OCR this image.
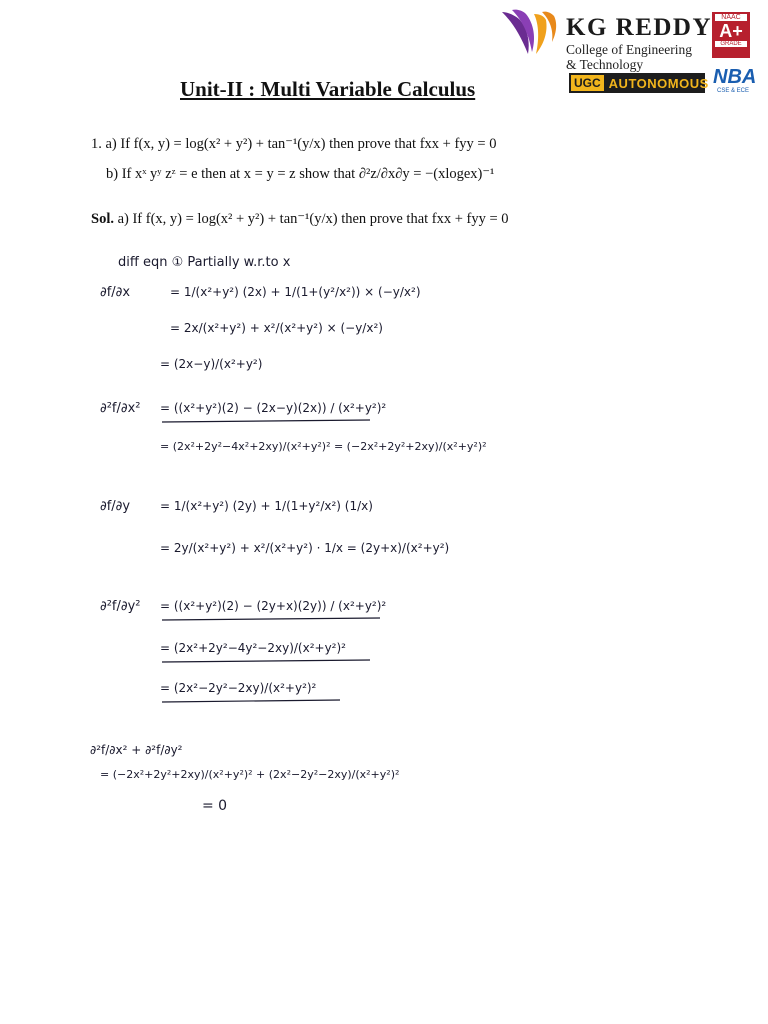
KG REDDY
College of Engineering
& Technology
NAAC
A+
GRADE
UGC AUTONOMOUS NBA
CSE & ECE
Unit-II : Multi Variable Calculus
1. a) If f(x, y) = log(x² + y²) + tan⁻¹(y/x) then prove that fxx + fyy = 0
b) If xˣ yʸ zᶻ = e then at x = y = z show that ∂²z/∂x∂y = −(xlogex)⁻¹
Sol. a) If f(x, y) = log(x² + y²) + tan⁻¹(y/x) then prove that fxx + fyy = 0
diff eqn ① Partially w.r.to x
∂f/∂x	= 1/(x²+y²) (2x) + 1/(1+(y²/x²)) × (−y/x²)
= 2x/(x²+y²) + x²/(x²+y²) × (−y/x²)
= (2x−y)/(x²+y²)
∂²f/∂x² = ((x²+y²)(2) − (2x−y)(2x)) / (x²+y²)²
= (2x²+2y²−4x²+2xy)/(x²+y²)² = (−2x²+2y²+2xy)/(x²+y²)²
∂f/∂y = 1/(x²+y²) (2y) + 1/(1+y²/x²) (1/x)
= 2y/(x²+y²) + x²/(x²+y²) · 1/x = (2y+x)/(x²+y²)
∂²f/∂y² = ((x²+y²)(2) − (2y+x)(2y)) / (x²+y²)²
= (2x²+2y²−4y²−2xy)/(x²+y²)²
= (2x²−2y²−2xy)/(x²+y²)²
∂²f/∂x² + ∂²f/∂y²
= (−2x²+2y²+2xy)/(x²+y²)² + (2x²−2y²−2xy)/(x²+y²)²
= 0
